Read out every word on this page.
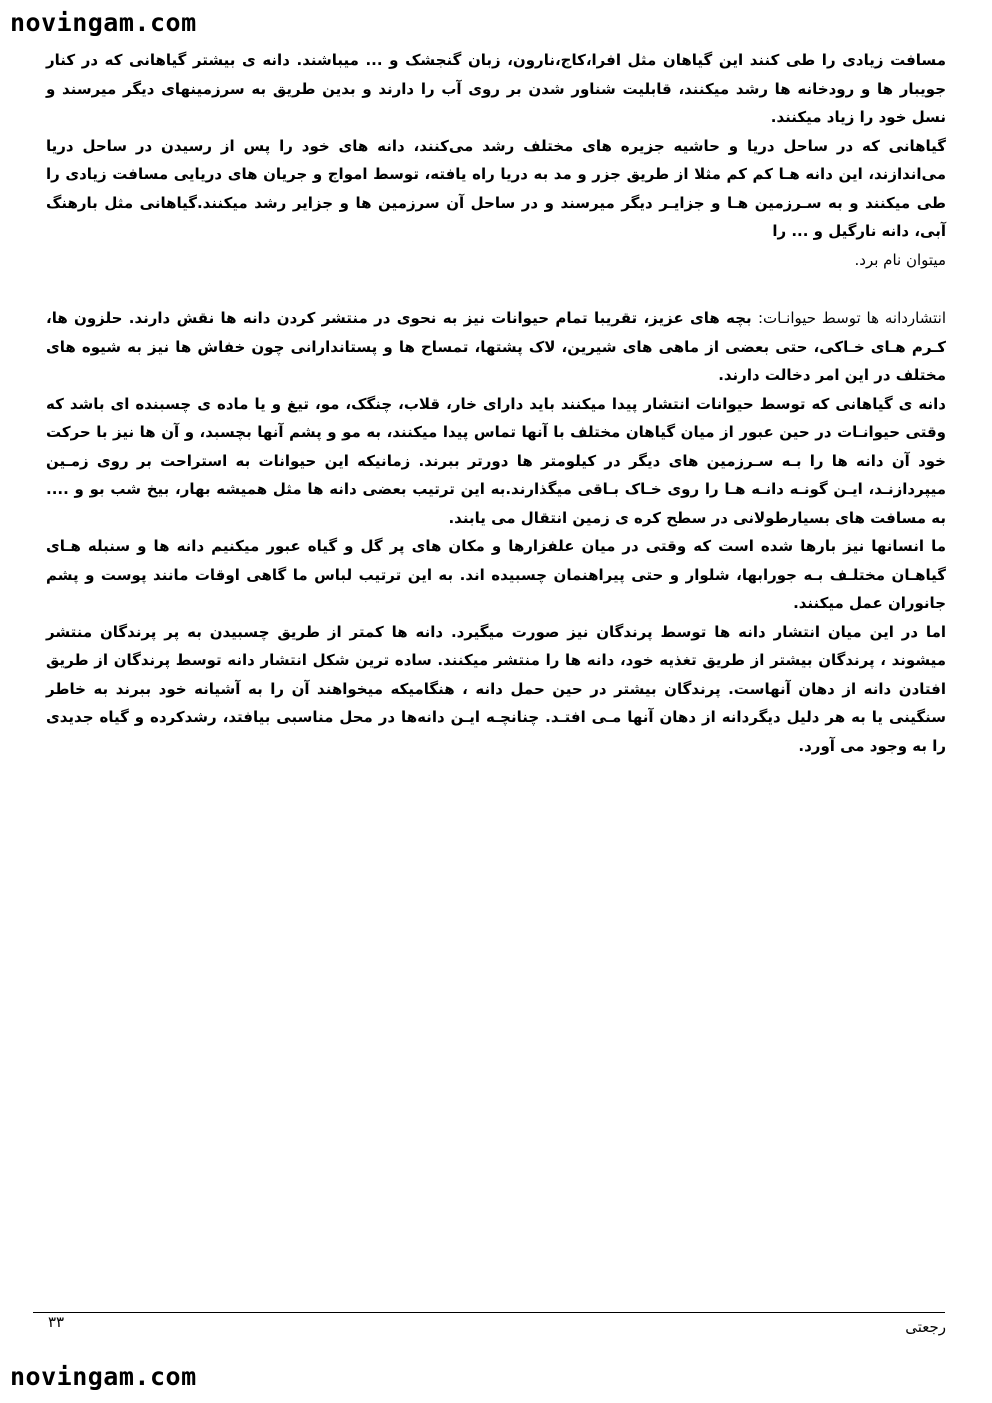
novingam.com

مسافت زیادی را طی کنند این گیاهان مثل افرا،کاج،نارون، زبان گنجشک و ... میباشند. دانه ی بیشتر گیاهانی که در کنار جویبار ها و رودخانه ها رشد میکنند، قابلیت شناور شدن بر روی آب را دارند و بدین طریق به سرزمینهای دیگر میرسند و نسل خود را زیاد میکنند.

گیاهانی که در ساحل دریا و حاشیه جزیره های مختلف رشد می‌کنند، دانه های خود را پس از رسیدن در ساحل دریا می‌اندازند، این دانه هـا کم کم مثلا از طریق جزر و مد به دریا راه یافته، توسط امواج و جریان های دریایی مسافت زیادی را طی میکنند و به سـرزمین هـا و جزایـر دیگر میرسند و در ساحل آن سرزمین ها و جزایر رشد میکنند.گیاهانی مثل بارهنگ آبی، دانه نارگیل و ... را

میتوان نام برد.

انتشاردانه ها توسط حیوانـات: بچه های عزیز، تقریبا تمام حیوانات نیز به نحوی در منتشر کردن دانه ها نقش دارند. حلزون ها، کـرم هـای خـاکی، حتی بعضی از ماهی های شیرین، لاک پشتها، تمساح ها و پستاندارانی چون خفاش ها نیز به شیوه های مختلف در این امر دخالت دارند.

دانه ی گیاهانی که توسط حیوانات انتشار پیدا میکنند باید دارای خار، قلاب، چنگک، مو، تیغ و یا ماده ی چسبنده ای باشد که وقتی حیوانـات در حین عبور از میان گیاهان مختلف با آنها تماس پیدا میکنند، به مو و پشم آنها بچسبد، و آن ها نیز با حرکت خود آن دانه ها را بـه سـرزمین های دیگر در کیلومتر ها دورتر ببرند. زمانیکه این حیوانات به استراحت بر روی زمـین میپردازنـد، ایـن گونـه دانـه هـا را روی خـاک بـاقی میگذارند.به این ترتیب بعضی دانه ها مثل همیشه بهار، بیخ شب بو و .... به مسافت های بسیارطولانی در سطح کره ی زمین انتقال می یابند.

ما انسانها نیز بارها شده است که وقتی در میان علفزارها و مکان های پر گل و گیاه عبور میکنیم دانه ها و سنبله هـای گیاهـان مختلـف بـه جورابها، شلوار و حتی پیراهنمان چسبیده اند. به این ترتیب لباس ما گاهی اوقات مانند پوست و پشم جانوران عمل میکنند.

اما در این میان انتشار دانه ها توسط پرندگان نیز صورت میگیرد. دانه ها کمتر از طریق چسبیدن به پر پرندگان منتشر میشوند ، پرندگان بیشتر از طریق تغذیه خود، دانه ها را منتشر میکنند. ساده ترین شکل انتشار دانه توسط پرندگان از طریق افتادن دانه از دهان آنهاست. پرندگان بیشتر در حین حمل دانه ، هنگامیکه میخواهند آن را به آشیانه خود ببرند به خاطر سنگینی یا به هر دلیل دیگردانه از دهان آنها مـی افتـد. چنانچـه ایـن دانه‌ها در محل مناسبی بیافتد، رشدکرده و گیاه جدیدی را به وجود می آورد.

۳۳	رجعتی
novingam.com
